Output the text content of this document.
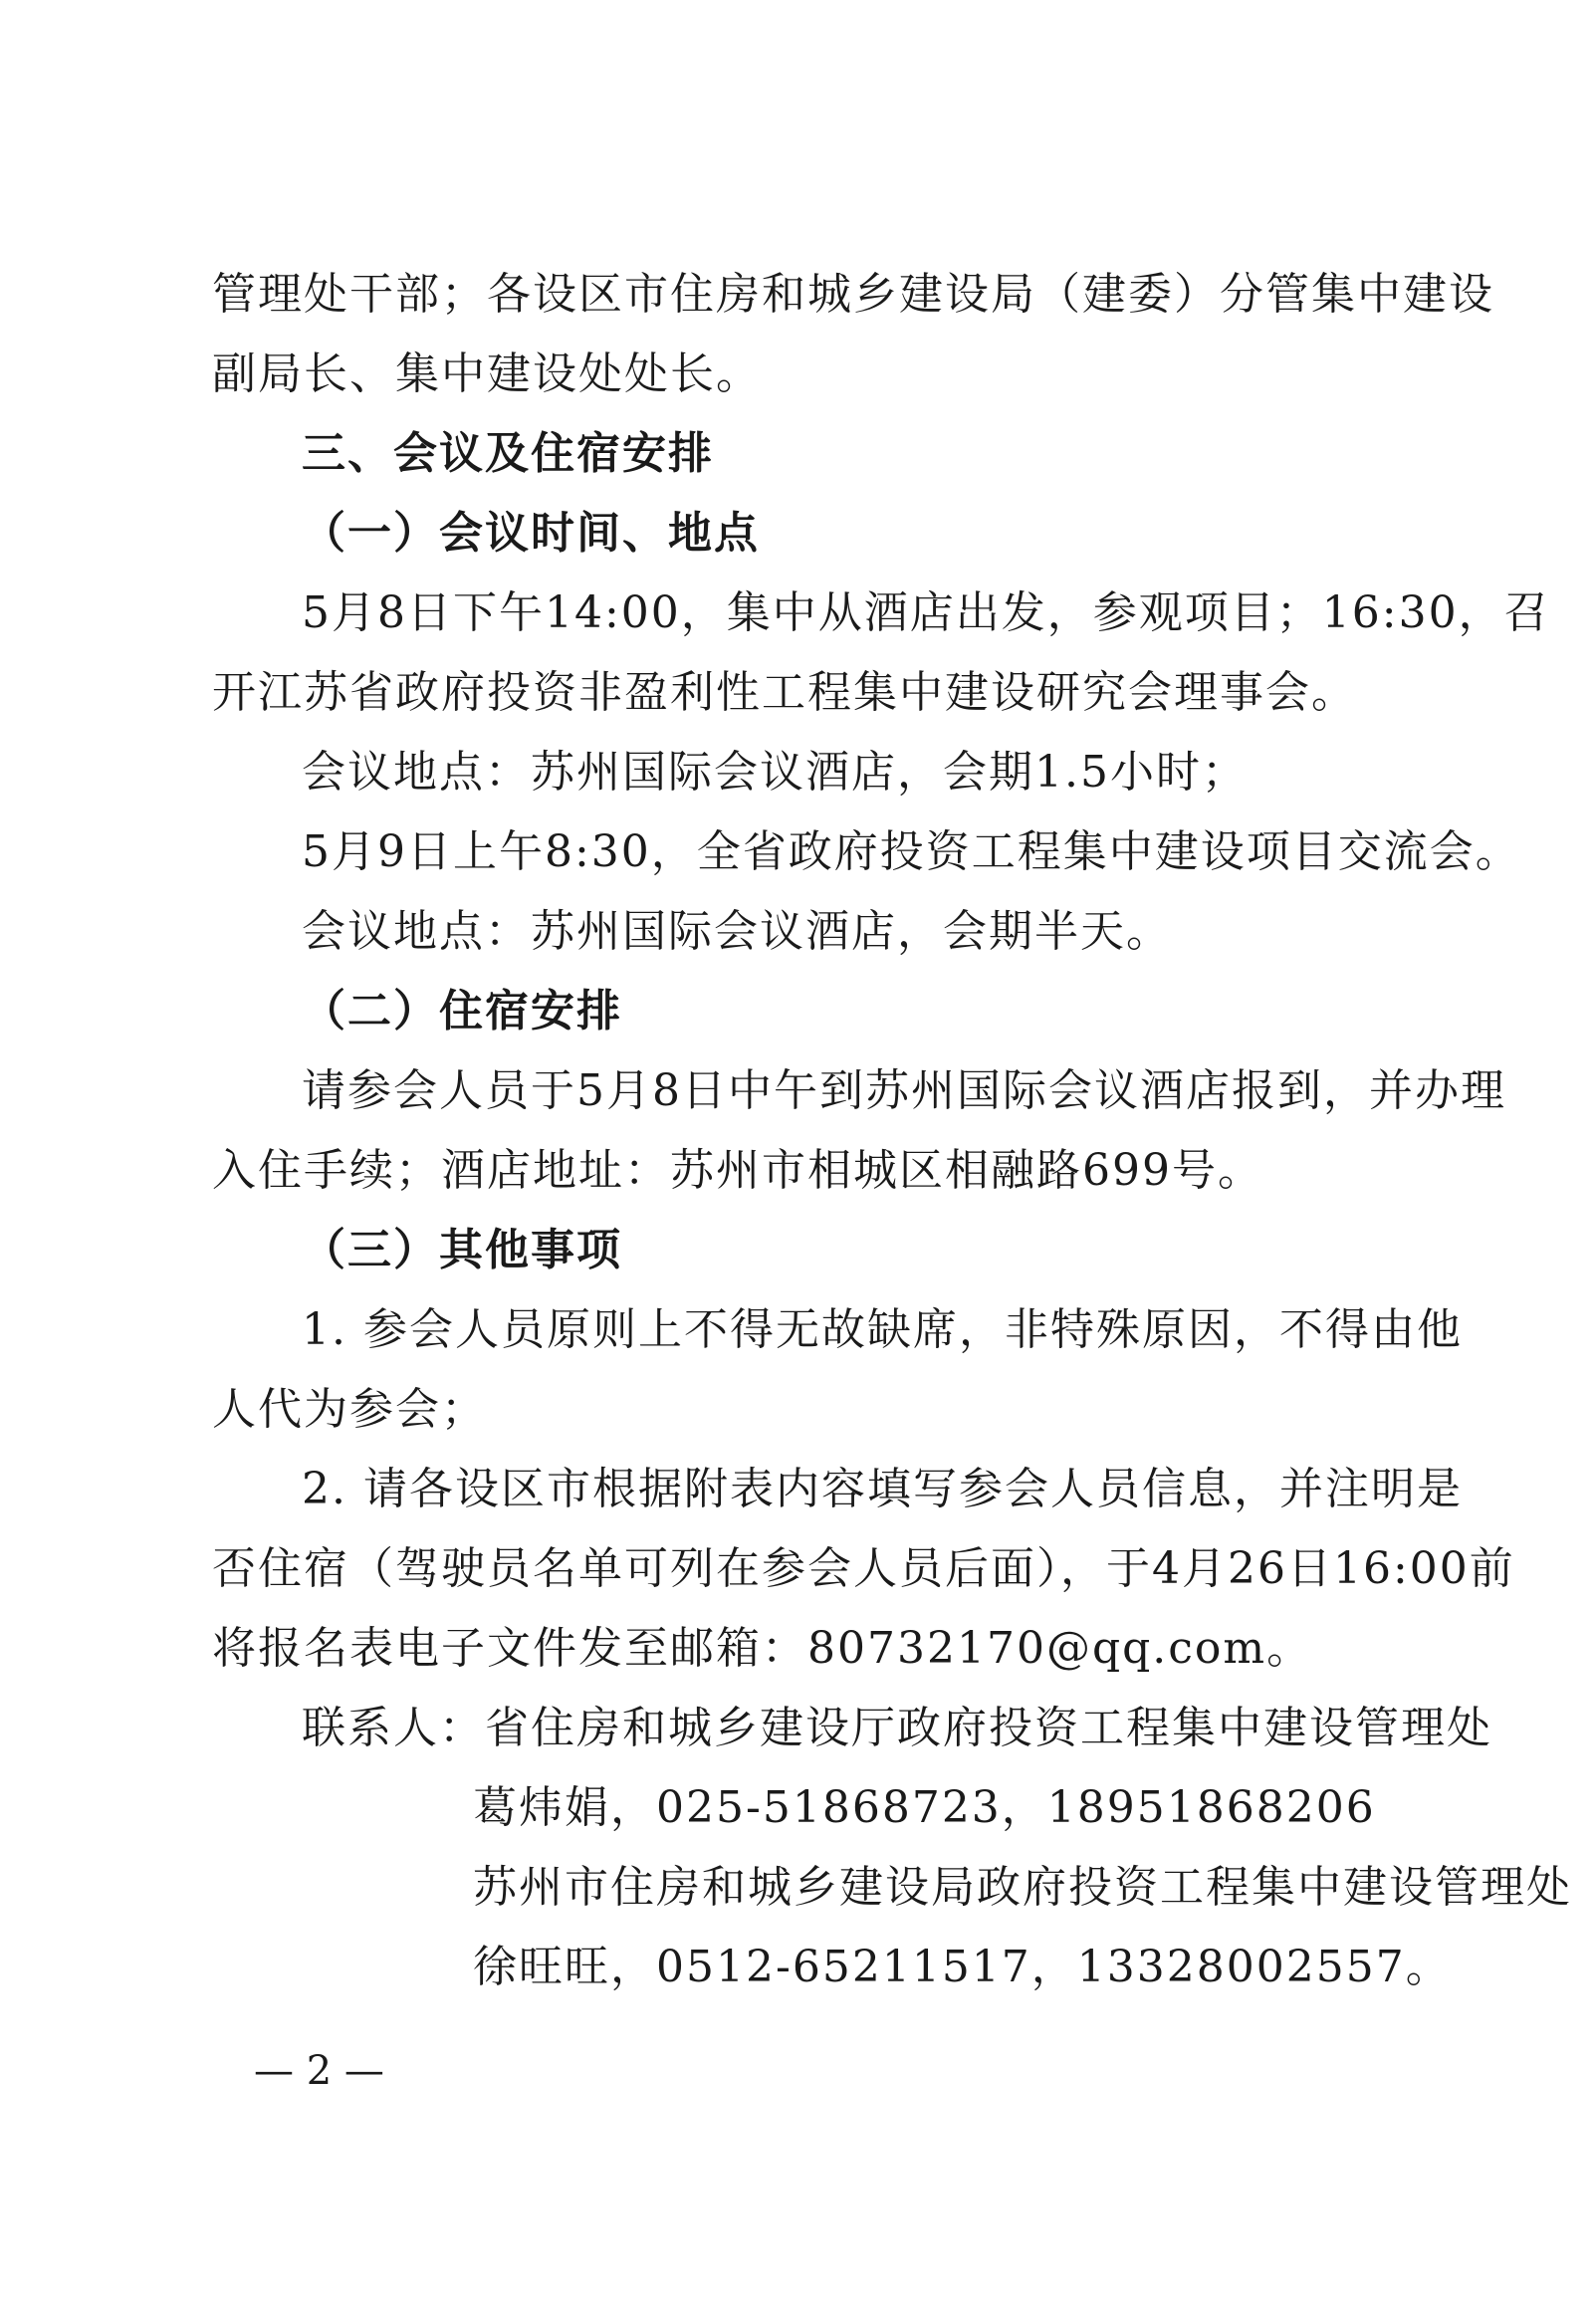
管理处干部；各设区市住房和城乡建设局（建委）分管集中建设
副局长、集中建设处处长。
三、会议及住宿安排
（一）会议时间、地点
5月8日下午14:00，集中从酒店出发，参观项目；16:30，召
开江苏省政府投资非盈利性工程集中建设研究会理事会。
会议地点：苏州国际会议酒店，会期1.5小时；
5月9日上午8:30，全省政府投资工程集中建设项目交流会。
会议地点：苏州国际会议酒店，会期半天。
（二）住宿安排
请参会人员于5月8日中午到苏州国际会议酒店报到，并办理
入住手续；酒店地址：苏州市相城区相融路699号。
（三）其他事项
1. 参会人员原则上不得无故缺席，非特殊原因，不得由他
人代为参会；
2. 请各设区市根据附表内容填写参会人员信息，并注明是
否住宿（驾驶员名单可列在参会人员后面），于4月26日16:00前
将报名表电子文件发至邮箱：80732170@qq.com。
联系人：省住房和城乡建设厅政府投资工程集中建设管理处
葛炜娟，025-51868723，18951868206
苏州市住房和城乡建设局政府投资工程集中建设管理处
徐旺旺，0512-65211517，13328002557。
— 2 —
